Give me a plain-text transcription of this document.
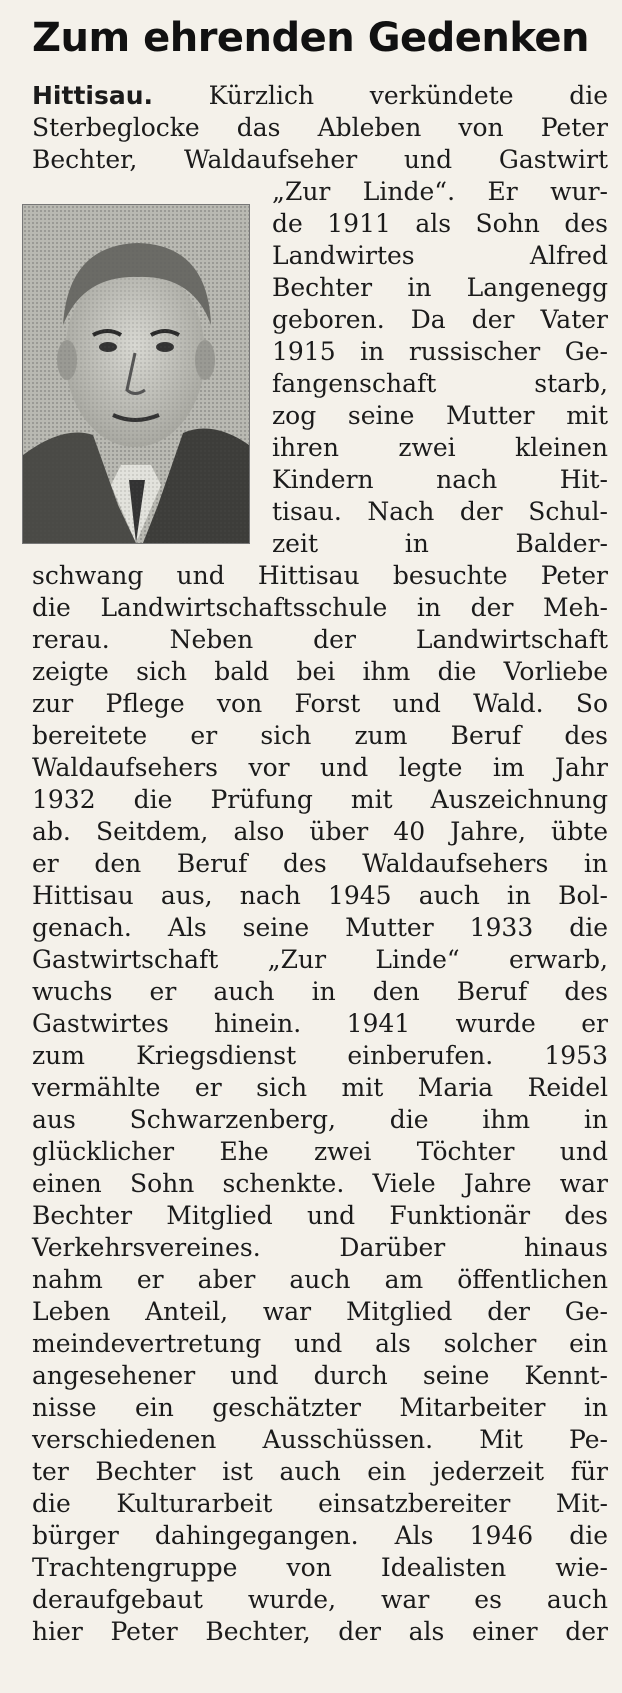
Zum ehrenden Gedenken
Hittisau. Kürzlich verkündete die
Sterbeglocke das Ableben von Peter
Bechter, Waldaufseher und Gastwirt
„Zur Linde“. Er wur-
de 1911 als Sohn des
Landwirtes Alfred
Bechter in Langenegg
geboren. Da der Vater
1915 in russischer Ge-
fangenschaft starb,
zog seine Mutter mit
ihren zwei kleinen
Kindern nach Hit-
tisau. Nach der Schul-
zeit in Balder-
schwang und Hittisau besuchte Peter
die Landwirtschaftsschule in der Meh-
rerau. Neben der Landwirtschaft
zeigte sich bald bei ihm die Vorliebe
zur Pflege von Forst und Wald. So
bereitete er sich zum Beruf des
Waldaufsehers vor und legte im Jahr
1932 die Prüfung mit Auszeichnung
ab. Seitdem, also über 40 Jahre, übte
er den Beruf des Waldaufsehers in
Hittisau aus, nach 1945 auch in Bol-
genach. Als seine Mutter 1933 die
Gastwirtschaft „Zur Linde“ erwarb,
wuchs er auch in den Beruf des
Gastwirtes hinein. 1941 wurde er
zum Kriegsdienst einberufen. 1953
vermählte er sich mit Maria Reidel
aus Schwarzenberg, die ihm in
glücklicher Ehe zwei Töchter und
einen Sohn schenkte. Viele Jahre war
Bechter Mitglied und Funktionär des
Verkehrsvereines. Darüber hinaus
nahm er aber auch am öffentlichen
Leben Anteil, war Mitglied der Ge-
meindevertretung und als solcher ein
angesehener und durch seine Kennt-
nisse ein geschätzter Mitarbeiter in
verschiedenen Ausschüssen. Mit Pe-
ter Bechter ist auch ein jederzeit für
die Kulturarbeit einsatzbereiter Mit-
bürger dahingegangen. Als 1946 die
Trachtengruppe von Idealisten wie-
deraufgebaut wurde, war es auch
hier Peter Bechter, der als einer der
